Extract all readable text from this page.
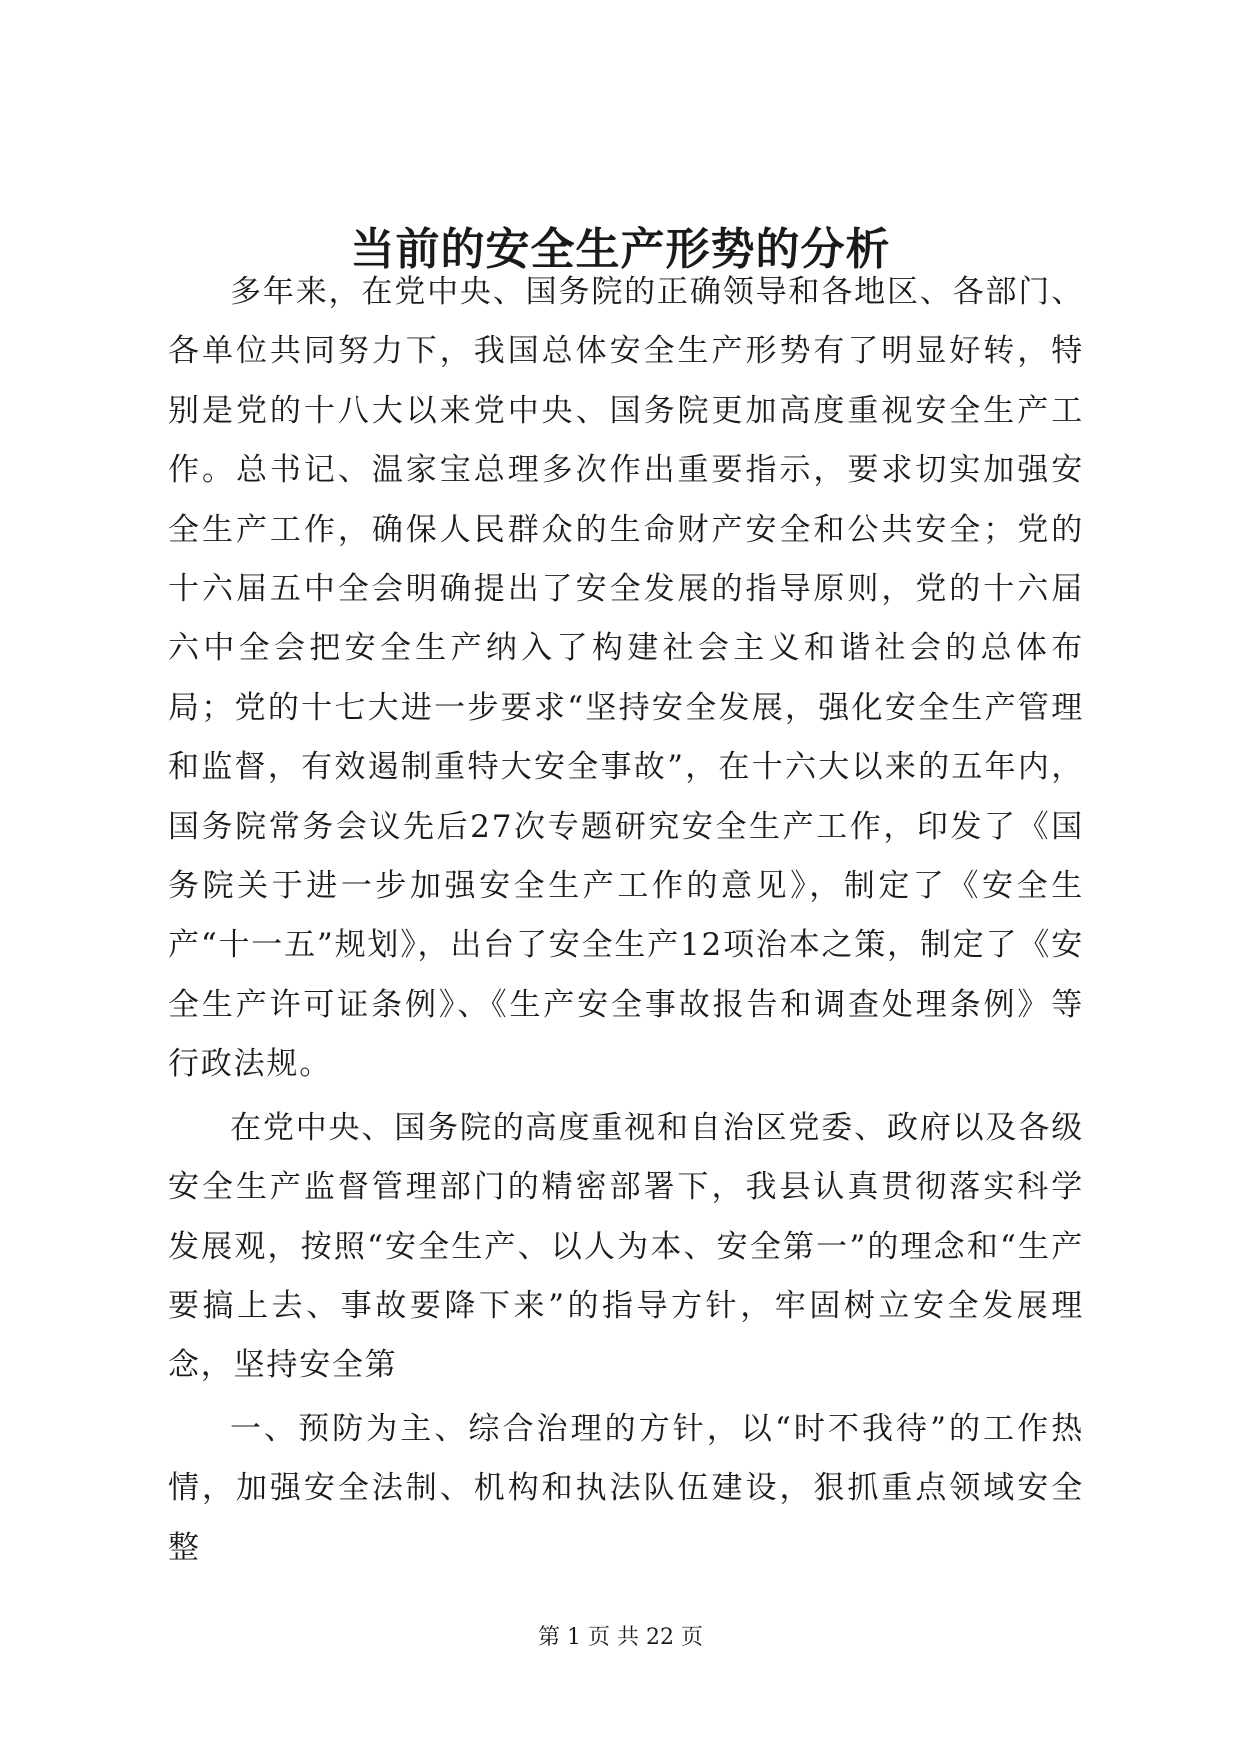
当前的安全生产形势的分析

多年来，在党中央、国务院的正确领导和各地区、各部门、各单位共同努力下，我国总体安全生产形势有了明显好转，特别是党的十八大以来党中央、国务院更加高度重视安全生产工作。总书记、温家宝总理多次作出重要指示，要求切实加强安全生产工作，确保人民群众的生命财产安全和公共安全；党的十六届五中全会明确提出了安全发展的指导原则，党的十六届六中全会把安全生产纳入了构建社会主义和谐社会的总体布局；党的十七大进一步要求“坚持安全发展，强化安全生产管理和监督，有效遏制重特大安全事故”，在十六大以来的五年内，国务院常务会议先后27次专题研究安全生产工作，印发了《国务院关于进一步加强安全生产工作的意见》，制定了《安全生产“十一五”规划》，出台了安全生产12项治本之策，制定了《安全生产许可证条例》、《生产安全事故报告和调查处理条例》等行政法规。

在党中央、国务院的高度重视和自治区党委、政府以及各级安全生产监督管理部门的精密部署下，我县认真贯彻落实科学发展观，按照“安全生产、以人为本、安全第一”的理念和“生产要搞上去、事故要降下来”的指导方针，牢固树立安全发展理念，坚持安全第

一、预防为主、综合治理的方针，以“时不我待”的工作热情，加强安全法制、机构和执法队伍建设，狠抓重点领域安全整

第 1 页 共 22 页
